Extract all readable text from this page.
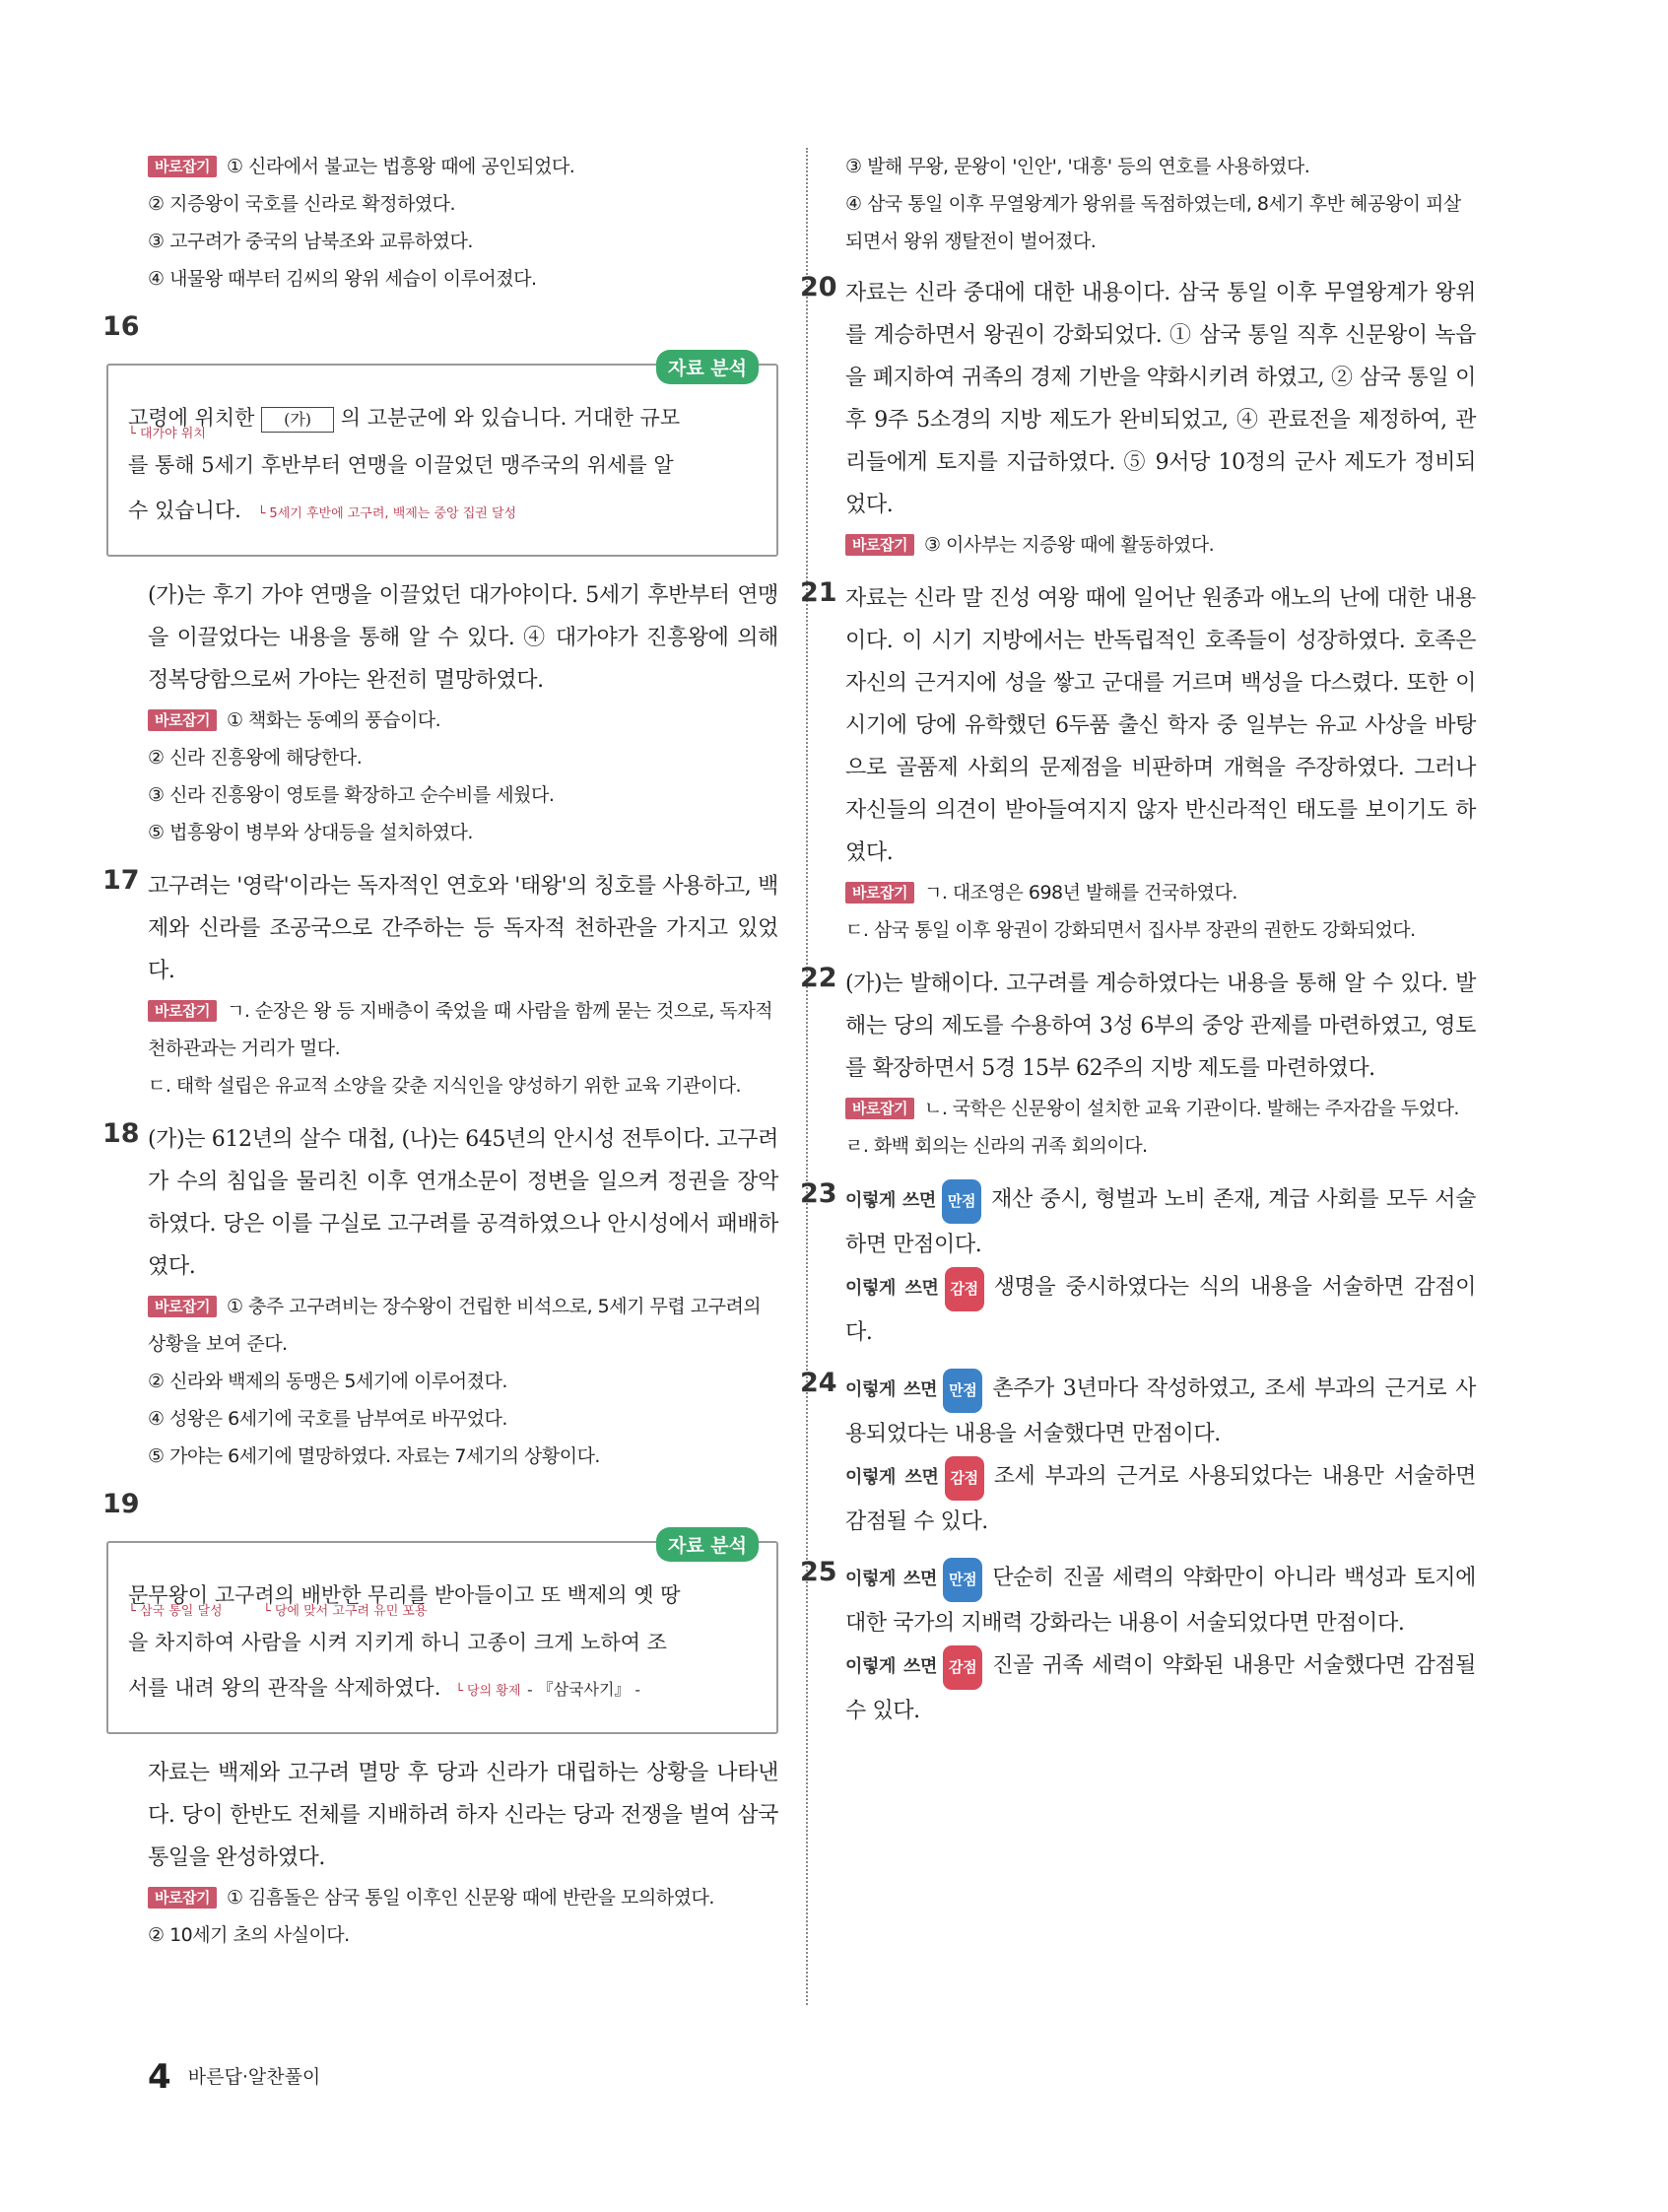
바로잡기 ① 신라에서 불교는 법흥왕 때에 공인되었다.
② 지증왕이 국호를 신라로 확정하였다.
③ 고구려가 중국의 남북조와 교류하였다.
④ 내물왕 때부터 김씨의 왕위 세습이 이루어졌다.
16
자료 분석
고령에 위치한 (가) 의 고분군에 와 있습니다. 거대한 규모
└ 대가야 위치
를 통해 5세기 후반부터 연맹을 이끌었던 맹주국의 위세를 알
수 있습니다. └ 5세기 후반에 고구려, 백제는 중앙 집권 달성
(가)는 후기 가야 연맹을 이끌었던 대가야이다. 5세기 후반부터 연맹을 이끌었다는 내용을 통해 알 수 있다. ④ 대가야가 진흥왕에 의해 정복당함으로써 가야는 완전히 멸망하였다.
바로잡기 ① 책화는 동예의 풍습이다.
② 신라 진흥왕에 해당한다.
③ 신라 진흥왕이 영토를 확장하고 순수비를 세웠다.
⑤ 법흥왕이 병부와 상대등을 설치하였다.
17 고구려는 '영락'이라는 독자적인 연호와 '태왕'의 칭호를 사용하고, 백제와 신라를 조공국으로 간주하는 등 독자적 천하관을 가지고 있었다.
바로잡기 ㄱ. 순장은 왕 등 지배층이 죽었을 때 사람을 함께 묻는 것으로, 독자적 천하관과는 거리가 멀다.
ㄷ. 태학 설립은 유교적 소양을 갖춘 지식인을 양성하기 위한 교육 기관이다.
18 (가)는 612년의 살수 대첩, (나)는 645년의 안시성 전투이다. 고구려가 수의 침입을 물리친 이후 연개소문이 정변을 일으켜 정권을 장악하였다. 당은 이를 구실로 고구려를 공격하였으나 안시성에서 패배하였다.
바로잡기 ① 충주 고구려비는 장수왕이 건립한 비석으로, 5세기 무렵 고구려의 상황을 보여 준다.
② 신라와 백제의 동맹은 5세기에 이루어졌다.
④ 성왕은 6세기에 국호를 남부여로 바꾸었다.
⑤ 가야는 6세기에 멸망하였다. 자료는 7세기의 상황이다.
19
자료 분석
문무왕이 고구려의 배반한 무리를 받아들이고 또 백제의 옛 땅
└ 삼국 통일 달성          └ 당에 맞서 고구려 유민 포용
을 차지하여 사람을 시켜 지키게 하니 고종이 크게 노하여 조
서를 내려 왕의 관작을 삭제하였다. └ 당의 황제 - 『삼국사기』 -
자료는 백제와 고구려 멸망 후 당과 신라가 대립하는 상황을 나타낸다. 당이 한반도 전체를 지배하려 하자 신라는 당과 전쟁을 벌여 삼국 통일을 완성하였다.
바로잡기 ① 김흠돌은 삼국 통일 이후인 신문왕 때에 반란을 모의하였다.
② 10세기 초의 사실이다.
③ 발해 무왕, 문왕이 '인안', '대흥' 등의 연호를 사용하였다.
④ 삼국 통일 이후 무열왕계가 왕위를 독점하였는데, 8세기 후반 혜공왕이 피살되면서 왕위 쟁탈전이 벌어졌다.
20 자료는 신라 중대에 대한 내용이다. 삼국 통일 이후 무열왕계가 왕위를 계승하면서 왕권이 강화되었다. ① 삼국 통일 직후 신문왕이 녹읍을 폐지하여 귀족의 경제 기반을 약화시키려 하였고, ② 삼국 통일 이후 9주 5소경의 지방 제도가 완비되었고, ④ 관료전을 제정하여, 관리들에게 토지를 지급하였다. ⑤ 9서당 10정의 군사 제도가 정비되었다.
바로잡기 ③ 이사부는 지증왕 때에 활동하였다.
21 자료는 신라 말 진성 여왕 때에 일어난 원종과 애노의 난에 대한 내용이다. 이 시기 지방에서는 반독립적인 호족들이 성장하였다. 호족은 자신의 근거지에 성을 쌓고 군대를 거르며 백성을 다스렸다. 또한 이 시기에 당에 유학했던 6두품 출신 학자 중 일부는 유교 사상을 바탕으로 골품제 사회의 문제점을 비판하며 개혁을 주장하였다. 그러나 자신들의 의견이 받아들여지지 않자 반신라적인 태도를 보이기도 하였다.
바로잡기 ㄱ. 대조영은 698년 발해를 건국하였다.
ㄷ. 삼국 통일 이후 왕권이 강화되면서 집사부 장관의 권한도 강화되었다.
22 (가)는 발해이다. 고구려를 계승하였다는 내용을 통해 알 수 있다. 발해는 당의 제도를 수용하여 3성 6부의 중앙 관제를 마련하였고, 영토를 확장하면서 5경 15부 62주의 지방 제도를 마련하였다.
바로잡기 ㄴ. 국학은 신문왕이 설치한 교육 기관이다. 발해는 주자감을 두었다.
ㄹ. 화백 회의는 신라의 귀족 회의이다.
23 이렇게 쓰면 만점 재산 중시, 형벌과 노비 존재, 계급 사회를 모두 서술하면 만점이다.
이렇게 쓰면 감점 생명을 중시하였다는 식의 내용을 서술하면 감점이다.
24 이렇게 쓰면 만점 촌주가 3년마다 작성하였고, 조세 부과의 근거로 사용되었다는 내용을 서술했다면 만점이다.
이렇게 쓰면 감점 조세 부과의 근거로 사용되었다는 내용만 서술하면 감점될 수 있다.
25 이렇게 쓰면 만점 단순히 진골 세력의 약화만이 아니라 백성과 토지에 대한 국가의 지배력 강화라는 내용이 서술되었다면 만점이다.
이렇게 쓰면 감점 진골 귀족 세력이 약화된 내용만 서술했다면 감점될 수 있다.
4 바른답·알찬풀이
